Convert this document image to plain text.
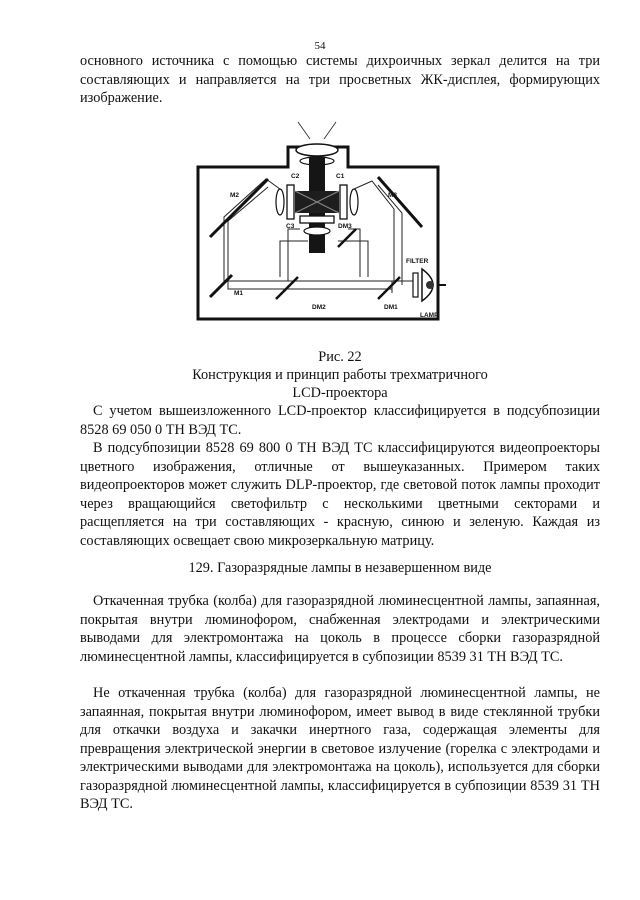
54

основного источника с помощью системы дихроичных зеркал делится на три составляющих и направляется на три просветных ЖК-дисплея, формирующих изображение.

C2	C1
M2	M3
C3	DM3
FILTER
M1
DM2	DM1
LAMP
Рис. 22
Конструкция и принцип работы трехматричного
LCD-проектора

С учетом вышеизложенного LCD-проектор классифицируется в подсубпозиции 8528 69 050 0 ТН ВЭД ТС.

В подсубпозиции 8528 69 800 0 ТН ВЭД ТС классифицируются видеопроекторы цветного изображения, отличные от вышеуказанных. Примером таких видеопроекторов может служить DLP-проектор, где световой поток лампы проходит через вращающийся светофильтр с несколькими цветными секторами и расщепляется на три составляющих - красную, синюю и зеленую. Каждая из составляющих освещает свою микрозеркальную матрицу.

129. Газоразрядные лампы в незавершенном виде

Откаченная трубка (колба) для газоразрядной люминесцентной лампы, запаянная, покрытая внутри люминофором, снабженная электродами и электрическими выводами для электромонтажа на цоколь в процессе сборки газоразрядной люминесцентной лампы, классифицируется в субпозиции 8539 31 ТН ВЭД ТС.

Не откаченная трубка (колба) для газоразрядной люминесцентной лампы, не запаянная, покрытая внутри люминофором, имеет вывод в виде стеклянной трубки для откачки воздуха и закачки инертного газа, содержащая элементы для превращения электрической энергии в световое излучение (горелка с электродами и электрическими выводами для электромонтажа на цоколь), используется для сборки газоразрядной люминесцентной лампы, классифицируется в субпозиции 8539 31 ТН ВЭД ТС.
